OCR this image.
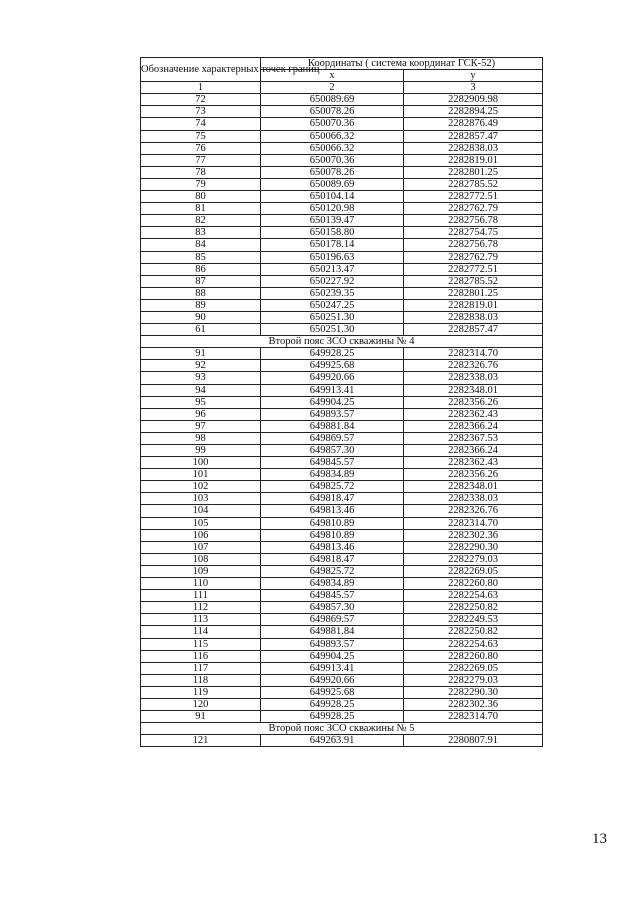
Обозначение характерных точек границ	Координаты ( система координат ГСК-52)	
	х	у
1	2	3
72	650089.69	2282909.98
73	650078.26	2282894.25
74	650070.36	2282876.49
75	650066.32	2282857.47
76	650066.32	2282838.03
77	650070.36	2282819.01
78	650078.26	2282801.25
79	650089.69	2282785.52
80	650104.14	2282772.51
81	650120.98	2282762.79
82	650139.47	2282756.78
83	650158.80	2282754.75
84	650178.14	2282756.78
85	650196.63	2282762.79
86	650213.47	2282772.51
87	650227.92	2282785.52
88	650239.35	2282801.25
89	650247.25	2282819.01
90	650251.30	2282838.03
61	650251.30	2282857.47
Второй пояс ЗСО скважины № 4		
91	649928.25	2282314.70
92	649925.68	2282326.76
93	649920.66	2282338.03
94	649913.41	2282348.01
95	649904.25	2282356.26
96	649893.57	2282362.43
97	649881.84	2282366.24
98	649869.57	2282367.53
99	649857.30	2282366.24
100	649845.57	2282362.43
101	649834.89	2282356.26
102	649825.72	2282348.01
103	649818.47	2282338.03
104	649813.46	2282326.76
105	649810.89	2282314.70
106	649810.89	2282302.36
107	649813.46	2282290.30
108	649818.47	2282279.03
109	649825.72	2282269.05
110	649834.89	2282260.80
111	649845.57	2282254.63
112	649857.30	2282250.82
113	649869.57	2282249.53
114	649881.84	2282250.82
115	649893.57	2282254.63
116	649904.25	2282260.80
117	649913.41	2282269.05
118	649920.66	2282279.03
119	649925.68	2282290.30
120	649928.25	2282302.36
91	649928.25	2282314.70
Второй пояс ЗСО скважины № 5		
121	649263.91	2280807.91
13
